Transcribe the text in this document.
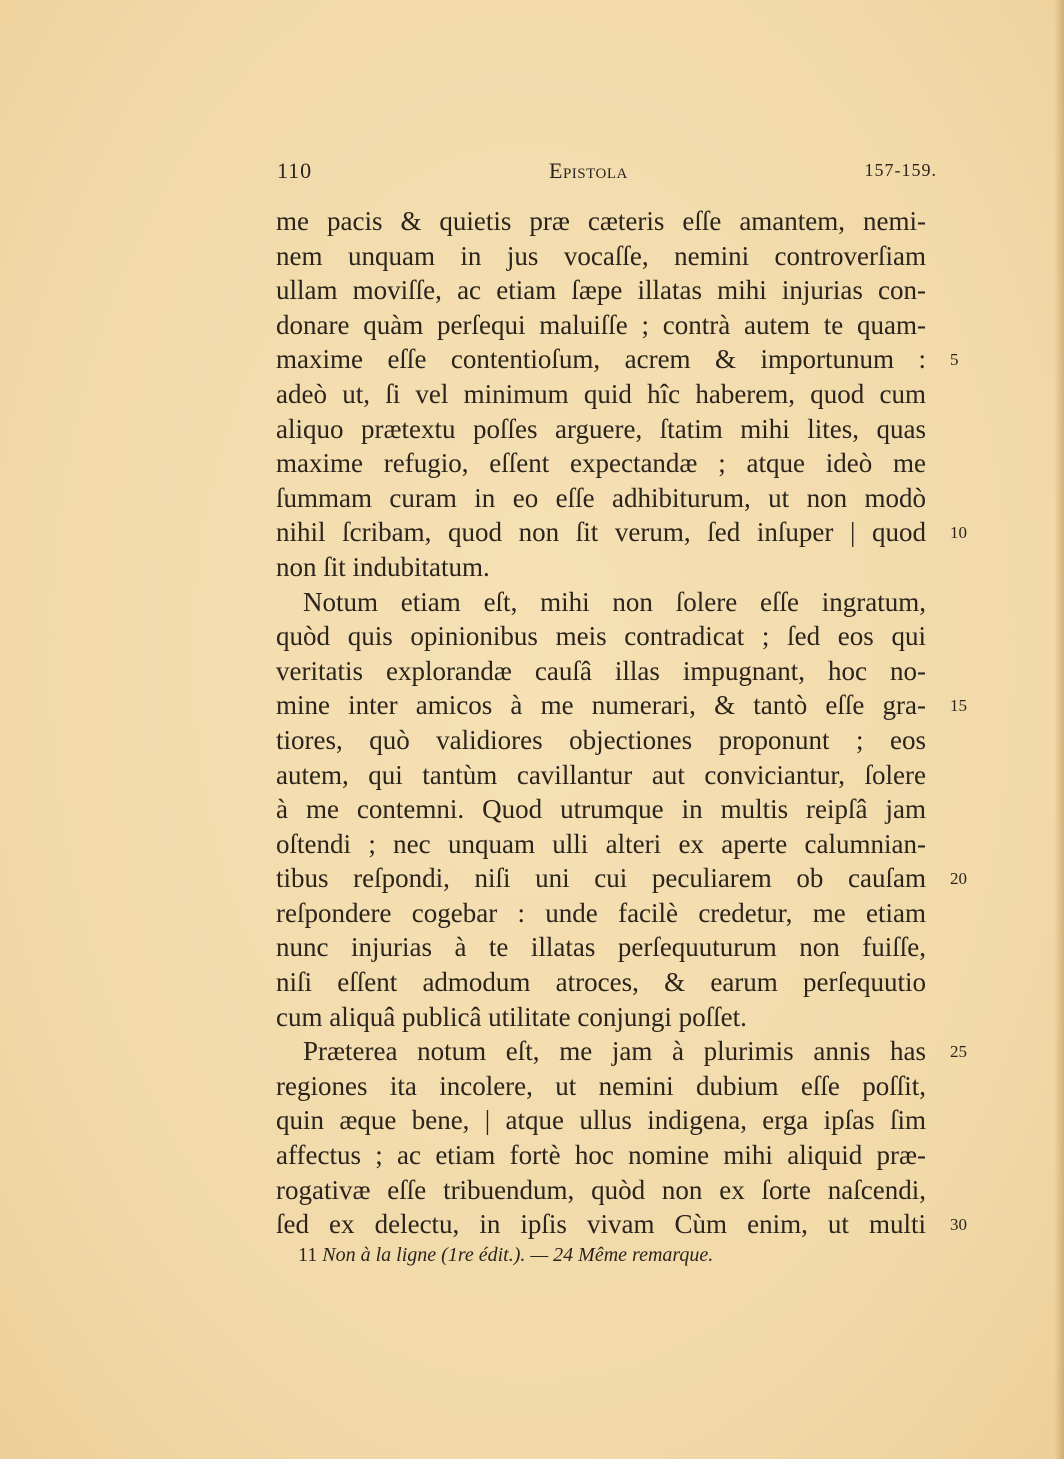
110	Epistola	157-159.
me pacis & quietis præ cæteris eſſe amantem, nemi-
nem unquam in jus vocaſſe, nemini controverſiam
ullam moviſſe, ac etiam ſæpe illatas mihi injurias con-
donare quàm perſequi maluiſſe ; contrà autem te quam-
maxime eſſe contentioſum, acrem & importunum :
adeò ut, ſi vel minimum quid hîc haberem, quod cum
aliquo prætextu poſſes arguere, ſtatim mihi lites, quas
maxime refugio, eſſent expectandæ ; atque ideò me
ſummam curam in eo eſſe adhibiturum, ut non modò
nihil ſcribam, quod non ſit verum, ſed inſuper | quod
non ſit indubitatum.
Notum etiam eſt, mihi non ſolere eſſe ingratum,
quòd quis opinionibus meis contradicat ; ſed eos qui
veritatis explorandæ cauſâ illas impugnant, hoc no-
mine inter amicos à me numerari, & tantò eſſe gra-
tiores, quò validiores objectiones proponunt ; eos
autem, qui tantùm cavillantur aut conviciantur, ſolere
à me contemni. Quod utrumque in multis reipſâ jam
oſtendi ; nec unquam ulli alteri ex aperte calumnian-
tibus reſpondi, niſi uni cui peculiarem ob cauſam
reſpondere cogebar : unde facilè credetur, me etiam
nunc injurias à te illatas perſequuturum non fuiſſe,
niſi eſſent admodum atroces, & earum perſequutio
cum aliquâ publicâ utilitate conjungi poſſet.
Præterea notum eſt, me jam à plurimis annis has
regiones ita incolere, ut nemini dubium eſſe poſſit,
quin æque bene, | atque ullus indigena, erga ipſas ſim
affectus ; ac etiam fortè hoc nomine mihi aliquid præ-
rogativæ eſſe tribuendum, quòd non ex ſorte naſcendi,
ſed ex delectu, in ipſis vivam Cùm enim, ut multi
5
10
15
20
25
30
11 Non à la ligne (1re édit.). — 24 Même remarque.
